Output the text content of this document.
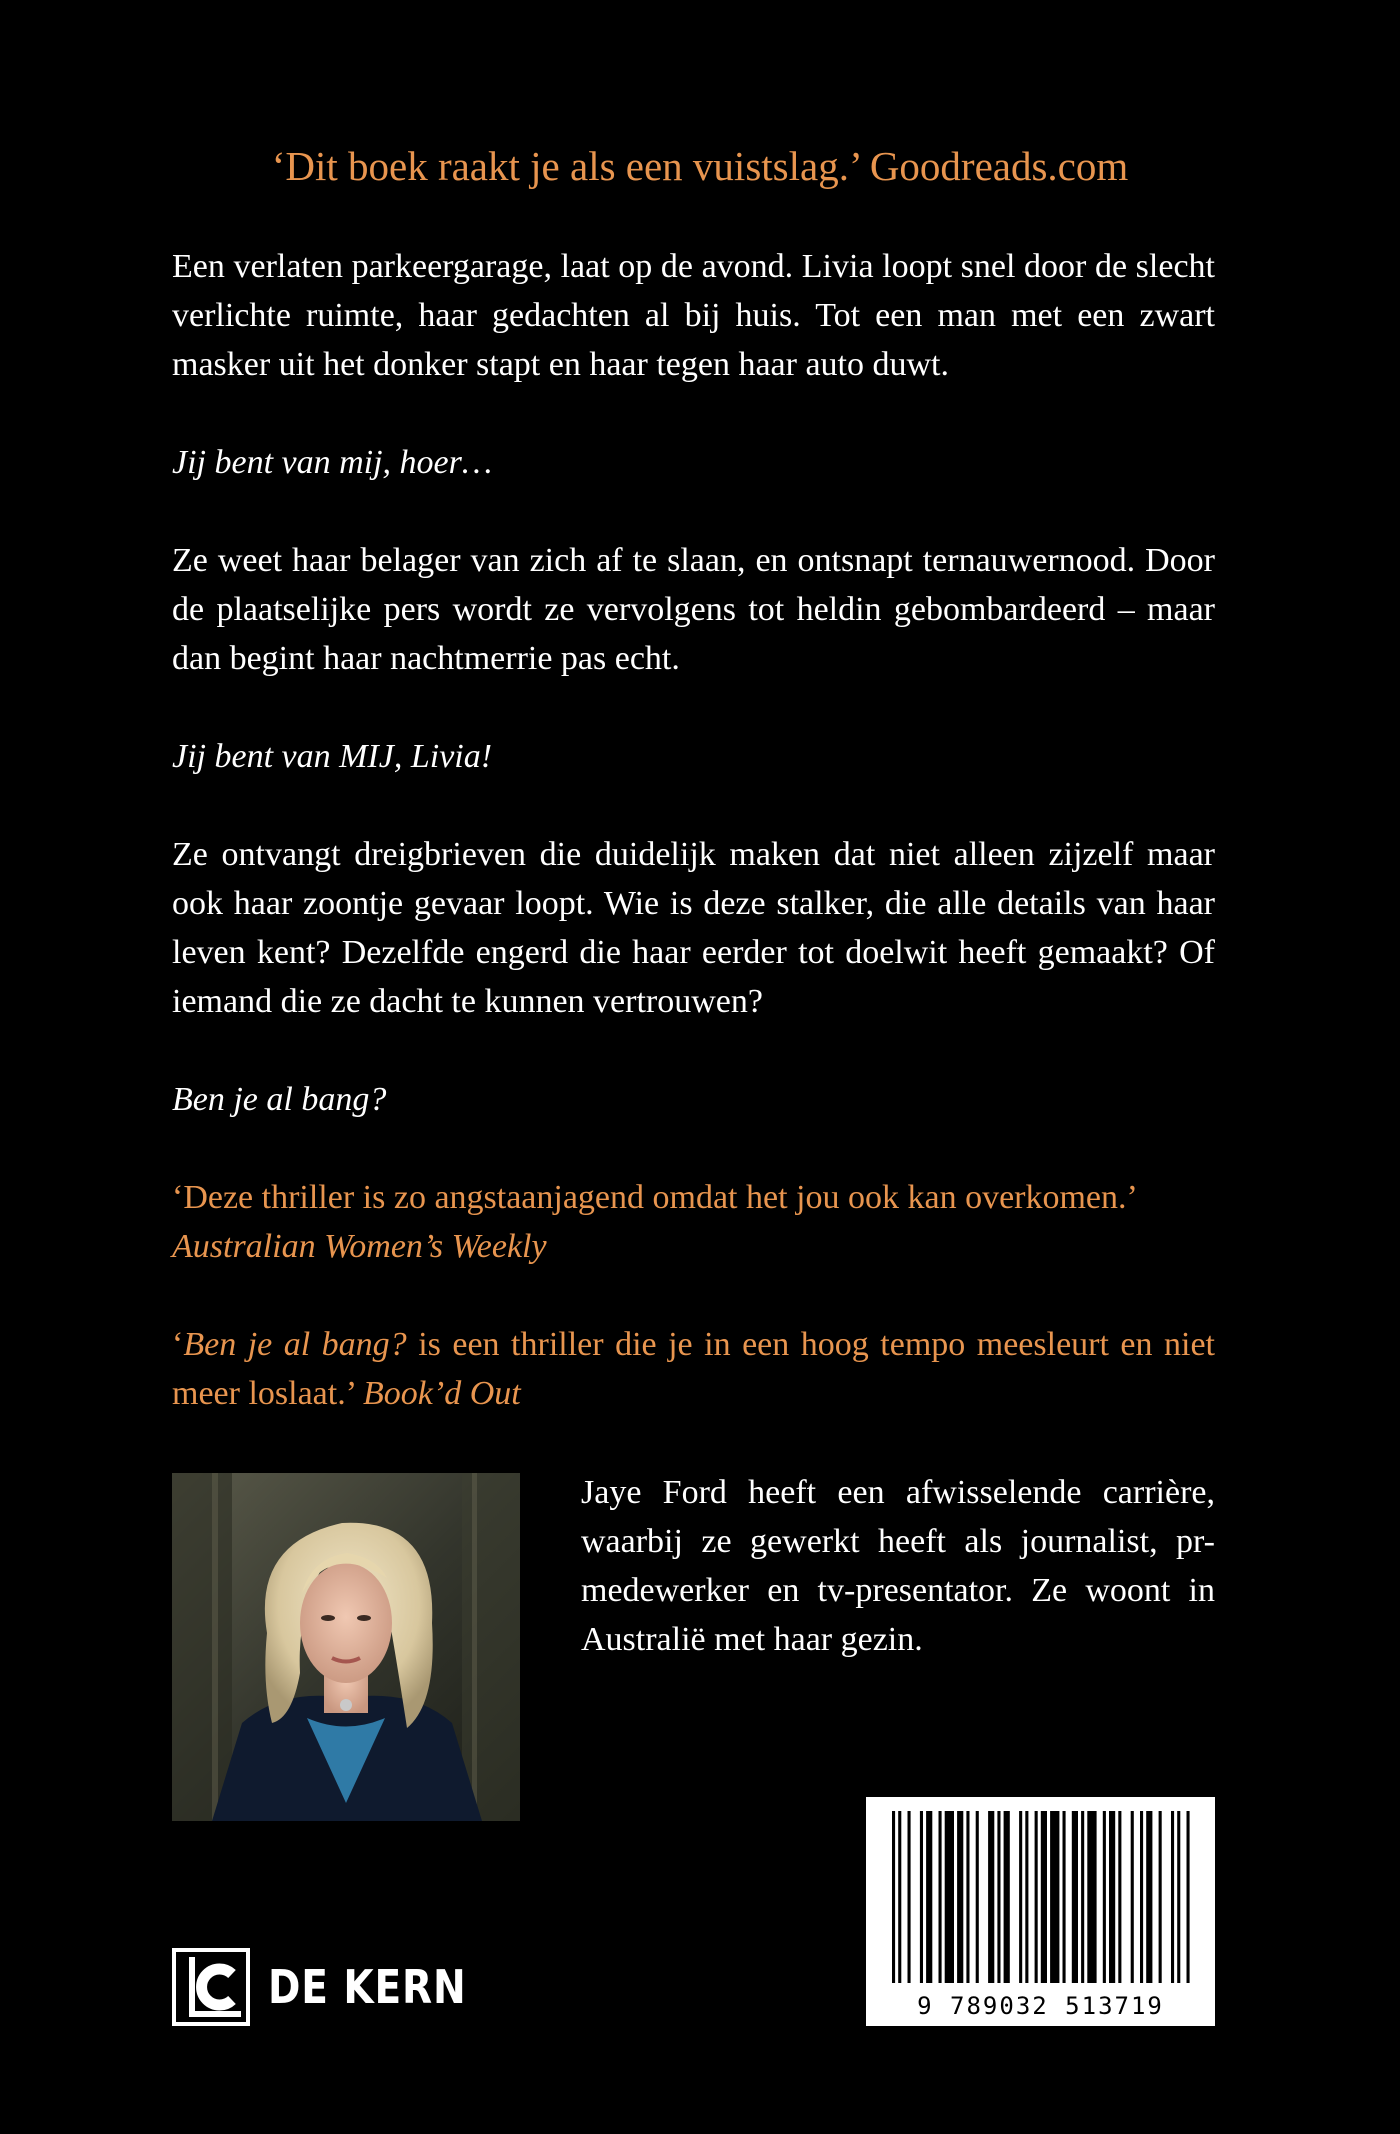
‘Dit boek raakt je als een vuistslag.’ Goodreads.com

Een verlaten parkeergarage, laat op de avond. Livia loopt snel door de slecht verlichte ruimte, haar gedachten al bij huis. Tot een man met een zwart masker uit het donker stapt en haar tegen haar auto duwt.

Jij bent van mij, hoer…

Ze weet haar belager van zich af te slaan, en ontsnapt ternauwernood. Door de plaatselijke pers wordt ze vervolgens tot heldin gebombardeerd – maar dan begint haar nachtmerrie pas echt.

Jij bent van MIJ, Livia!

Ze ontvangt dreigbrieven die duidelijk maken dat niet alleen zijzelf maar ook haar zoontje gevaar loopt. Wie is deze stalker, die alle details van haar leven kent? Dezelfde engerd die haar eerder tot doelwit heeft gemaakt? Of iemand die ze dacht te kunnen vertrouwen?

Ben je al bang?

‘Deze thriller is zo angstaanjagend omdat het jou ook kan overkomen.’
Australian Women’s Weekly

‘Ben je al bang? is een thriller die je in een hoog tempo meesleurt en niet meer loslaat.’ Book’d Out

Jaye Ford heeft een afwisselende carrière, waarbij ze gewerkt heeft als journalist, pr-medewerker en tv-presentator. Ze woont in Australië met haar gezin.

DE KERN	9 789032 513719
